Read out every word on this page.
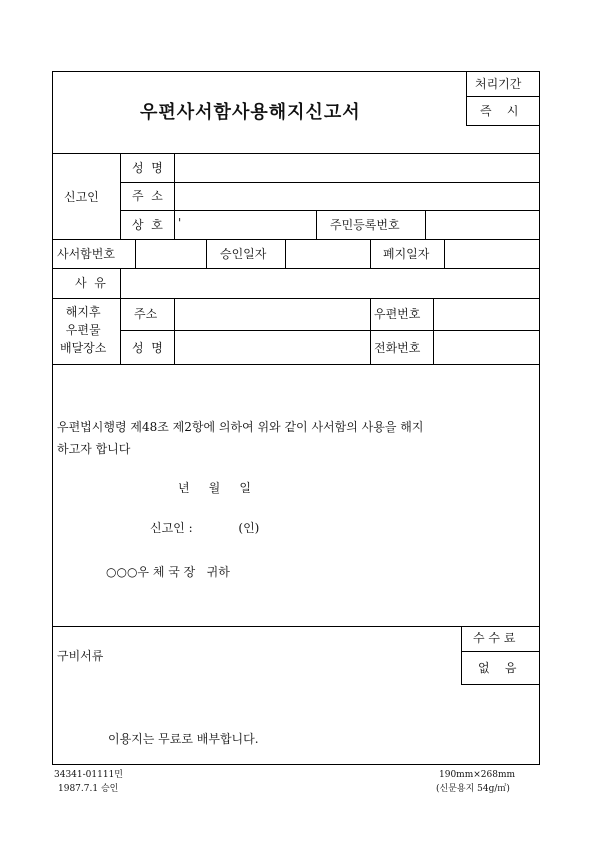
우편사서함사용해지신고서
처리기간
즉    시
신고인
성  명
주  소
상  호 '	주민등록번호
사서함번호	승인일자	폐지일자
사  유
해지후
우편물
배달장소
주소	우편번호
성  명	전화번호
우편법시행령 제48조 제2항에 의하여 위와 같이 사서함의 사용을 해지
하고자 합니다
년     월     일
신고인 :            (인)
○○○우 체 국 장   귀하
구비서류
수 수 료
없    음
이용지는 무료로 배부합니다.
34341-01111민
1987.7.1 승인
190mm×268mm
(신문용지 54g/㎡)
